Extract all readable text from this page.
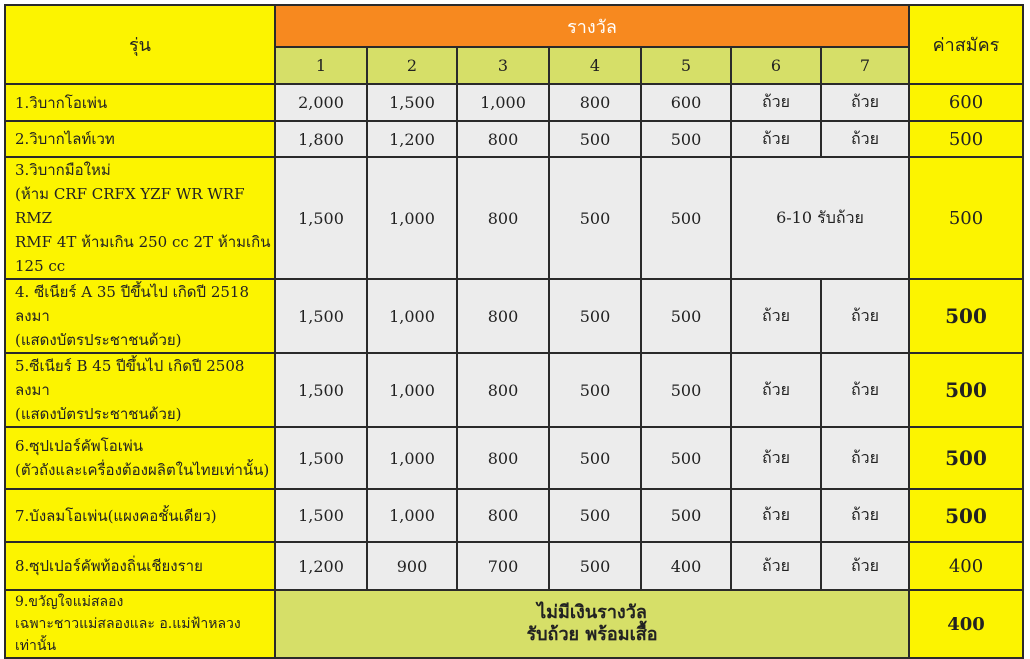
รุ่น	รางวัล							ค่าสมัคร
	1	2	3	4	5	6	7	

1.วิบากโอเพ่น	2,000	1,500	1,000	800	600	ถ้วย	ถ้วย	600

2.วิบากไลท์เวท	1,800	1,200	800	500	500	ถ้วย	ถ้วย	500

3.วิบากมือใหม่
(ห้าม CRF CRFX YZF WR WRF RMZ
RMF 4T ห้ามเกิน 250 cc 2T ห้ามเกิน 125 cc	1,500	1,000	800	500	500	6-10 รับถ้วย		500

4. ซีเนียร์ A 35 ปีขึ้นไป เกิดปี 2518 ลงมา
(แสดงบัตรประชาชนด้วย)	1,500	1,000	800	500	500	ถ้วย	ถ้วย	500

5.ซีเนียร์ B 45 ปีขึ้นไป เกิดปี 2508 ลงมา
(แสดงบัตรประชาชนด้วย)	1,500	1,000	800	500	500	ถ้วย	ถ้วย	500

6.ซุปเปอร์คัพโอเพ่น
(ตัวถังและเครื่องต้องผลิตในไทยเท่านั้น)	1,500	1,000	800	500	500	ถ้วย	ถ้วย	500

7.บังลมโอเพ่น(แผงคอชั้นเดียว)	1,500	1,000	800	500	500	ถ้วย	ถ้วย	500

8.ซุปเปอร์คัพท้องถิ่นเชียงราย	1,200	900	700	500	400	ถ้วย	ถ้วย	400

9.ขวัญใจแม่สลอง
เฉพาะชาวแม่สลองและ อ.แม่ฟ้าหลวงเท่านั้น	ไม่มีเงินรางวัล
รับถ้วย พร้อมเสื้อ							400
